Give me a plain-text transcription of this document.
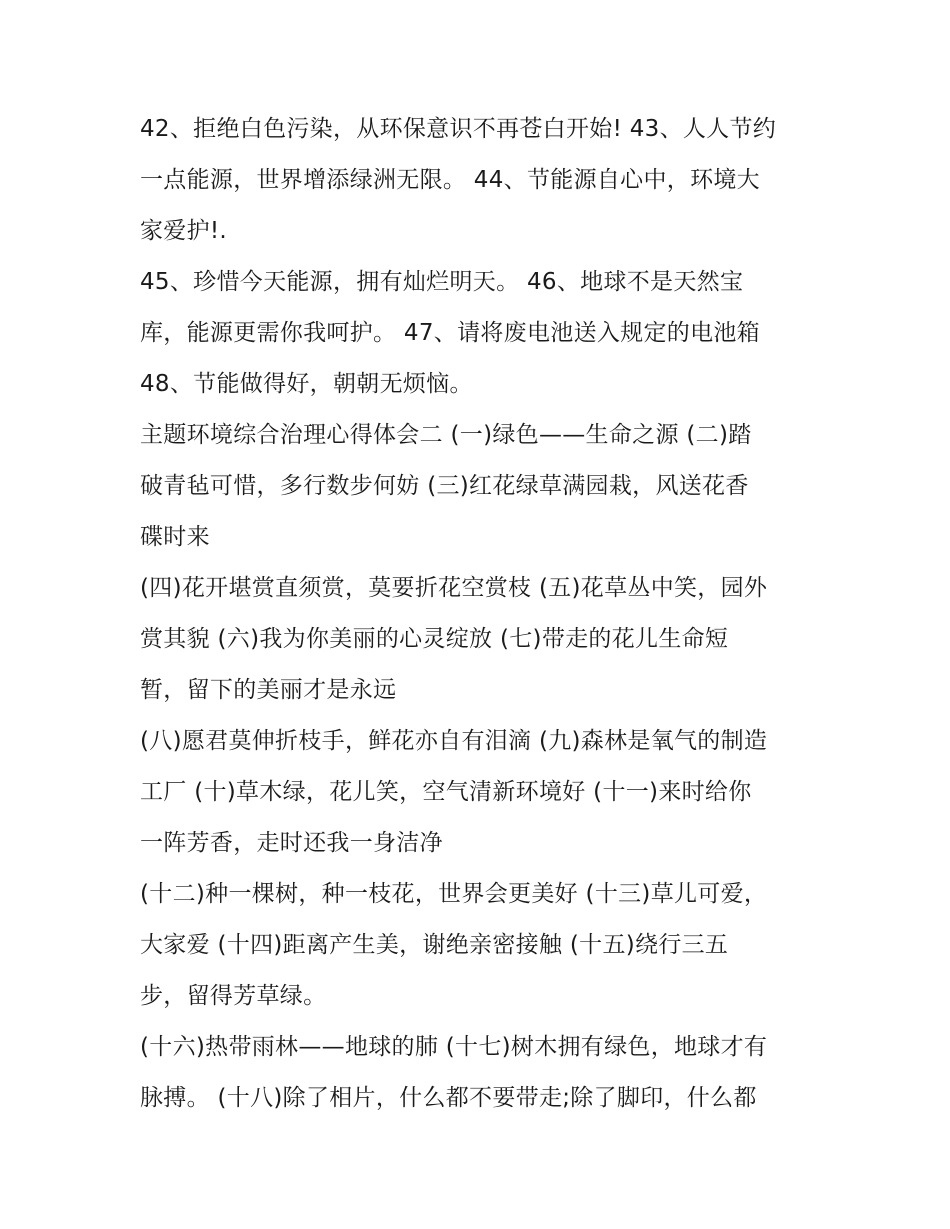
42、拒绝白色污染，从环保意识不再苍白开始! 43、人人节约
一点能源，世界增添绿洲无限。 44、节能源自心中，环境大
家爱护!.
45、珍惜今天能源，拥有灿烂明天。 46、地球不是天然宝
库，能源更需你我呵护。 47、请将废电池送入规定的电池箱
48、节能做得好，朝朝无烦恼。
主题环境综合治理心得体会二 (一)绿色——生命之源 (二)踏
破青毡可惜，多行数步何妨 (三)红花绿草满园栽，风送花香
碟时来
(四)花开堪赏直须赏，莫要折花空赏枝 (五)花草丛中笑，园外
赏其貌 (六)我为你美丽的心灵绽放 (七)带走的花儿生命短
暂，留下的美丽才是永远
(八)愿君莫伸折枝手，鲜花亦自有泪滴 (九)森林是氧气的制造
工厂 (十)草木绿，花儿笑，空气清新环境好 (十一)来时给你
一阵芳香，走时还我一身洁净
(十二)种一棵树，种一枝花，世界会更美好 (十三)草儿可爱，
大家爱 (十四)距离产生美，谢绝亲密接触 (十五)绕行三五
步，留得芳草绿。
(十六)热带雨林——地球的肺 (十七)树木拥有绿色，地球才有
脉搏。 (十八)除了相片，什么都不要带走;除了脚印，什么都
